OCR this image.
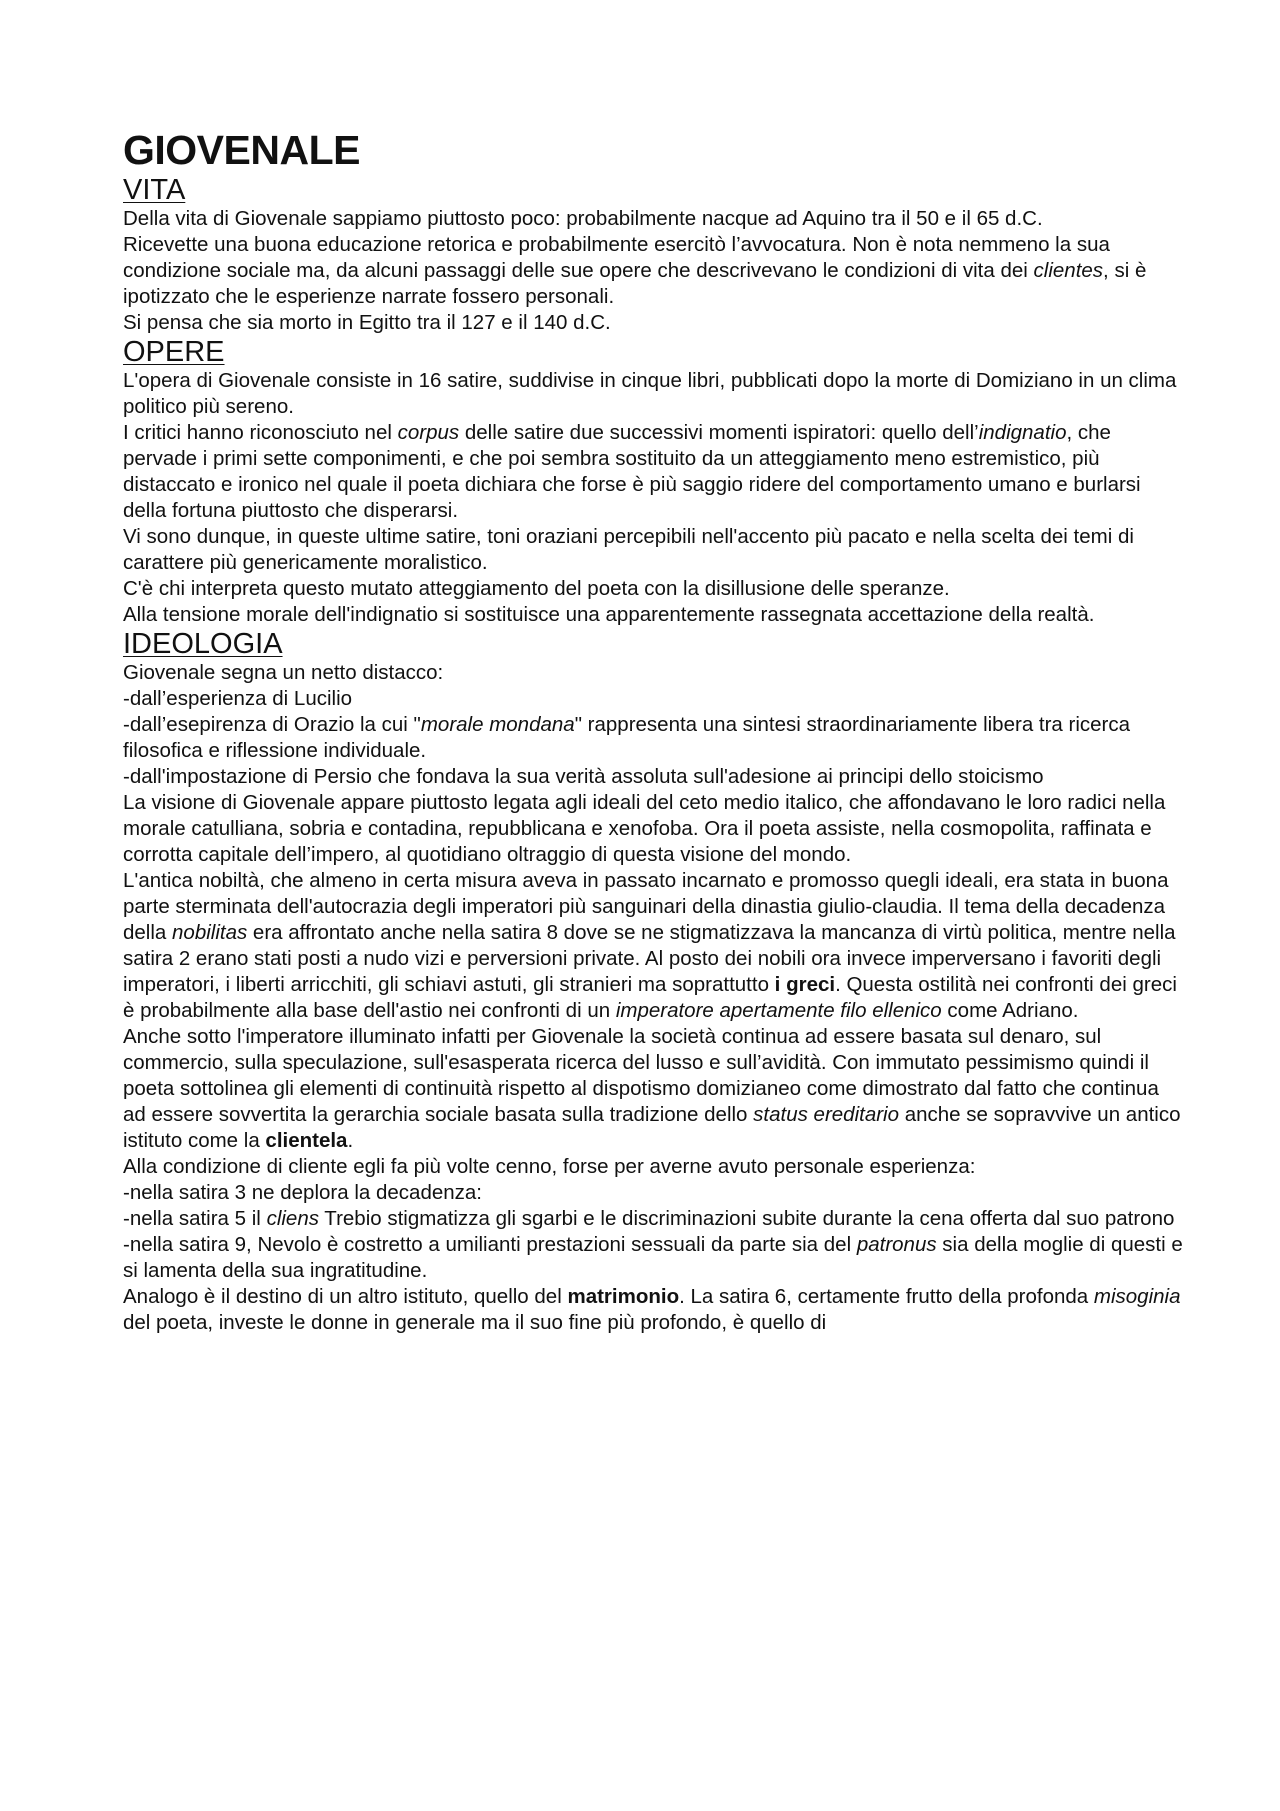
GIOVENALE
VITA

Della vita di Giovenale sappiamo piuttosto poco: probabilmente nacque ad Aquino tra il 50 e il 65 d.C.

Ricevette una buona educazione retorica e probabilmente esercitò l’avvocatura. Non è nota nemmeno la sua condizione sociale ma, da alcuni passaggi delle sue opere che descrivevano le condizioni di vita dei clientes, si è ipotizzato che le esperienze narrate fossero personali.

Si pensa che sia morto in Egitto tra il 127 e il 140 d.C.

OPERE

L'opera di Giovenale consiste in 16 satire, suddivise in cinque libri, pubblicati dopo la morte di Domiziano in un clima politico più sereno.

I critici hanno riconosciuto nel corpus delle satire due successivi momenti ispiratori: quello dell’indignatio, che pervade i primi sette componimenti, e che poi sembra sostituito da un atteggiamento meno estremistico, più distaccato e ironico nel quale il poeta dichiara che forse è più saggio ridere del comportamento umano e burlarsi della fortuna piuttosto che disperarsi.

Vi sono dunque, in queste ultime satire, toni oraziani percepibili nell'accento più pacato e nella scelta dei temi di carattere più genericamente moralistico.

C'è chi interpreta questo mutato atteggiamento del poeta con la disillusione delle speranze.

Alla tensione morale dell'indignatio si sostituisce una apparentemente rassegnata accettazione della realtà.

IDEOLOGIA

Giovenale segna un netto distacco:

-dall’esperienza di Lucilio

-dall’esepirenza di Orazio la cui "morale mondana" rappresenta una sintesi straordinariamente libera tra ricerca filosofica e riflessione individuale.

-dall'impostazione di Persio che fondava la sua verità assoluta sull'adesione ai principi dello stoicismo

La visione di Giovenale appare piuttosto legata agli ideali del ceto medio italico, che affondavano le loro radici nella morale catulliana, sobria e contadina, repubblicana e xenofoba. Ora il poeta assiste, nella cosmopolita, raffinata e corrotta capitale dell’impero, al quotidiano oltraggio di questa visione del mondo.

L'antica nobiltà, che almeno in certa misura aveva in passato incarnato e promosso quegli ideali, era stata in buona parte sterminata dell'autocrazia degli imperatori più sanguinari della dinastia giulio-claudia. Il tema della decadenza della nobilitas era affrontato anche nella satira 8 dove se ne stigmatizzava la mancanza di virtù politica, mentre nella satira 2 erano stati posti a nudo vizi e perversioni private. Al posto dei nobili ora invece imperversano i favoriti degli imperatori, i liberti arricchiti, gli schiavi astuti, gli stranieri ma soprattutto i greci. Questa ostilità nei confronti dei greci è probabilmente alla base dell'astio nei confronti di un imperatore apertamente filo ellenico come Adriano.

Anche sotto l'imperatore illuminato infatti per Giovenale la società continua ad essere basata sul denaro, sul commercio, sulla speculazione, sull'esasperata ricerca del lusso e sull’avidità. Con immutato pessimismo quindi il poeta sottolinea gli elementi di continuità rispetto al dispotismo domizianeo come dimostrato dal fatto che continua ad essere sovvertita la gerarchia sociale basata sulla tradizione dello status ereditario anche se sopravvive un antico istituto come la clientela.

Alla condizione di cliente egli fa più volte cenno, forse per averne avuto personale esperienza:

-nella satira 3 ne deplora la decadenza:

-nella satira 5 il cliens Trebio stigmatizza gli sgarbi e le discriminazioni subite durante la cena offerta dal suo patrono

-nella satira 9, Nevolo è costretto a umilianti prestazioni sessuali da parte sia del patronus sia della moglie di questi e si lamenta della sua ingratitudine.

Analogo è il destino di un altro istituto, quello del matrimonio. La satira 6, certamente frutto della profonda misoginia del poeta, investe le donne in generale ma il suo fine più profondo, è quello di
